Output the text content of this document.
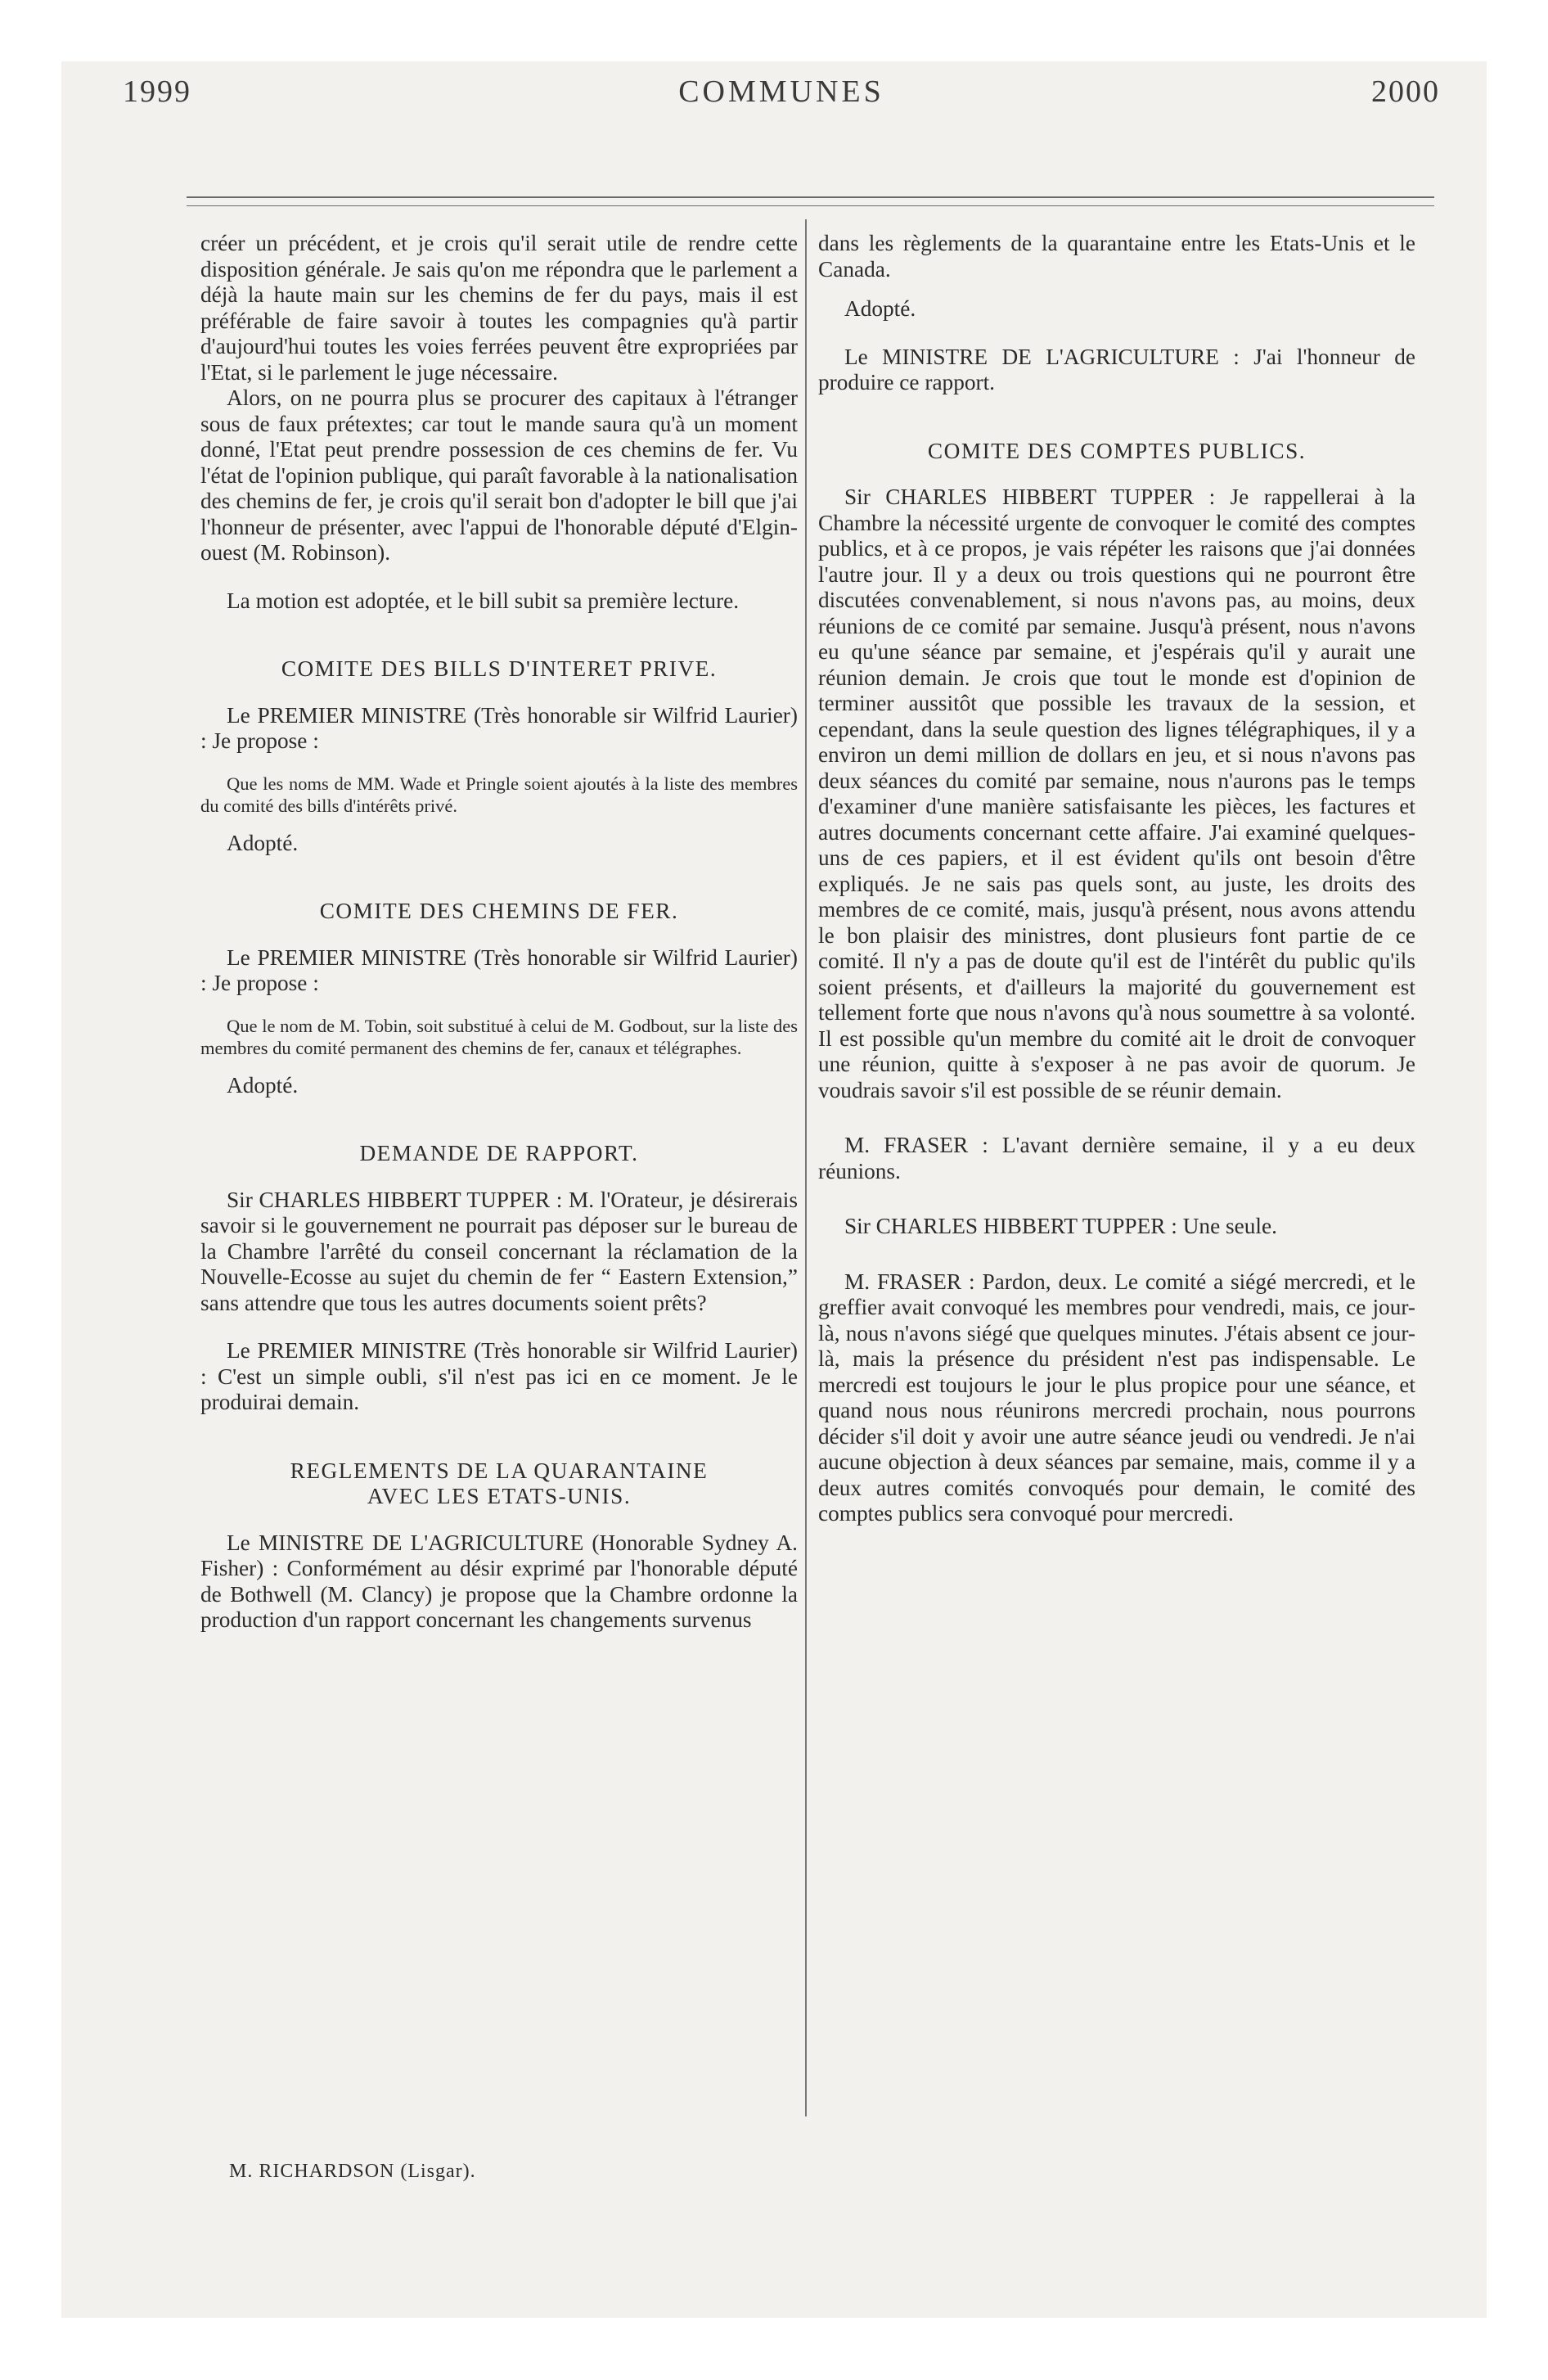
1999	COMMUNES	2000

créer un précédent, et je crois qu'il serait utile de rendre cette disposition générale. Je sais qu'on me répondra que le parlement a déjà la haute main sur les chemins de fer du pays, mais il est préférable de faire savoir à toutes les compagnies qu'à partir d'aujourd'hui toutes les voies ferrées peuvent être expropriées par l'Etat, si le parlement le juge nécessaire.

Alors, on ne pourra plus se procurer des capitaux à l'étranger sous de faux prétextes; car tout le mande saura qu'à un moment donné, l'Etat peut prendre possession de ces chemins de fer. Vu l'état de l'opinion publique, qui paraît favorable à la nationalisation des chemins de fer, je crois qu'il serait bon d'adopter le bill que j'ai l'honneur de présenter, avec l'appui de l'honorable député d'Elgin-ouest (M. Robinson).

La motion est adoptée, et le bill subit sa première lecture.

COMITE DES BILLS D'INTERET PRIVE.

Le PREMIER MINISTRE (Très honorable sir Wilfrid Laurier) : Je propose :

Que les noms de MM. Wade et Pringle soient ajoutés à la liste des membres du comité des bills d'intérêts privé.

Adopté.

COMITE DES CHEMINS DE FER.

Le PREMIER MINISTRE (Très honorable sir Wilfrid Laurier) : Je propose :

Que le nom de M. Tobin, soit substitué à celui de M. Godbout, sur la liste des membres du comité permanent des chemins de fer, canaux et télégraphes.

Adopté.

DEMANDE DE RAPPORT.

Sir CHARLES HIBBERT TUPPER : M. l'Orateur, je désirerais savoir si le gouvernement ne pourrait pas déposer sur le bureau de la Chambre l'arrêté du conseil concernant la réclamation de la Nouvelle-Ecosse au sujet du chemin de fer “ Eastern Extension,” sans attendre que tous les autres documents soient prêts?

Le PREMIER MINISTRE (Très honorable sir Wilfrid Laurier) : C'est un simple oubli, s'il n'est pas ici en ce moment. Je le produirai demain.

REGLEMENTS DE LA QUARANTAINE
AVEC LES ETATS-UNIS.

Le MINISTRE DE L'AGRICULTURE (Honorable Sydney A. Fisher) : Conformément au désir exprimé par l'honorable député de Bothwell (M. Clancy) je propose que la Chambre ordonne la production d'un rapport concernant les changements survenus

dans les règlements de la quarantaine entre les Etats-Unis et le Canada.

Adopté.

Le MINISTRE DE L'AGRICULTURE : J'ai l'honneur de produire ce rapport.

COMITE DES COMPTES PUBLICS.

Sir CHARLES HIBBERT TUPPER : Je rappellerai à la Chambre la nécessité urgente de convoquer le comité des comptes publics, et à ce propos, je vais répéter les raisons que j'ai données l'autre jour. Il y a deux ou trois questions qui ne pourront être discutées convenablement, si nous n'avons pas, au moins, deux réunions de ce comité par semaine. Jusqu'à présent, nous n'avons eu qu'une séance par semaine, et j'espérais qu'il y aurait une réunion demain. Je crois que tout le monde est d'opinion de terminer aussitôt que possible les travaux de la session, et cependant, dans la seule question des lignes télégraphiques, il y a environ un demi million de dollars en jeu, et si nous n'avons pas deux séances du comité par semaine, nous n'aurons pas le temps d'examiner d'une manière satisfaisante les pièces, les factures et autres documents concernant cette affaire. J'ai examiné quelques-uns de ces papiers, et il est évident qu'ils ont besoin d'être expliqués. Je ne sais pas quels sont, au juste, les droits des membres de ce comité, mais, jusqu'à présent, nous avons attendu le bon plaisir des ministres, dont plusieurs font partie de ce comité. Il n'y a pas de doute qu'il est de l'intérêt du public qu'ils soient présents, et d'ailleurs la majorité du gouvernement est tellement forte que nous n'avons qu'à nous soumettre à sa volonté. Il est possible qu'un membre du comité ait le droit de convoquer une réunion, quitte à s'exposer à ne pas avoir de quorum. Je voudrais savoir s'il est possible de se réunir demain.

M. FRASER : L'avant dernière semaine, il y a eu deux réunions.

Sir CHARLES HIBBERT TUPPER : Une seule.

M. FRASER : Pardon, deux. Le comité a siégé mercredi, et le greffier avait convoqué les membres pour vendredi, mais, ce jour-là, nous n'avons siégé que quelques minutes. J'étais absent ce jour-là, mais la présence du président n'est pas indispensable. Le mercredi est toujours le jour le plus propice pour une séance, et quand nous nous réunirons mercredi prochain, nous pourrons décider s'il doit y avoir une autre séance jeudi ou vendredi. Je n'ai aucune objection à deux séances par semaine, mais, comme il y a deux autres comités convoqués pour demain, le comité des comptes publics sera convoqué pour mercredi.

M. RICHARDSON (Lisgar).
